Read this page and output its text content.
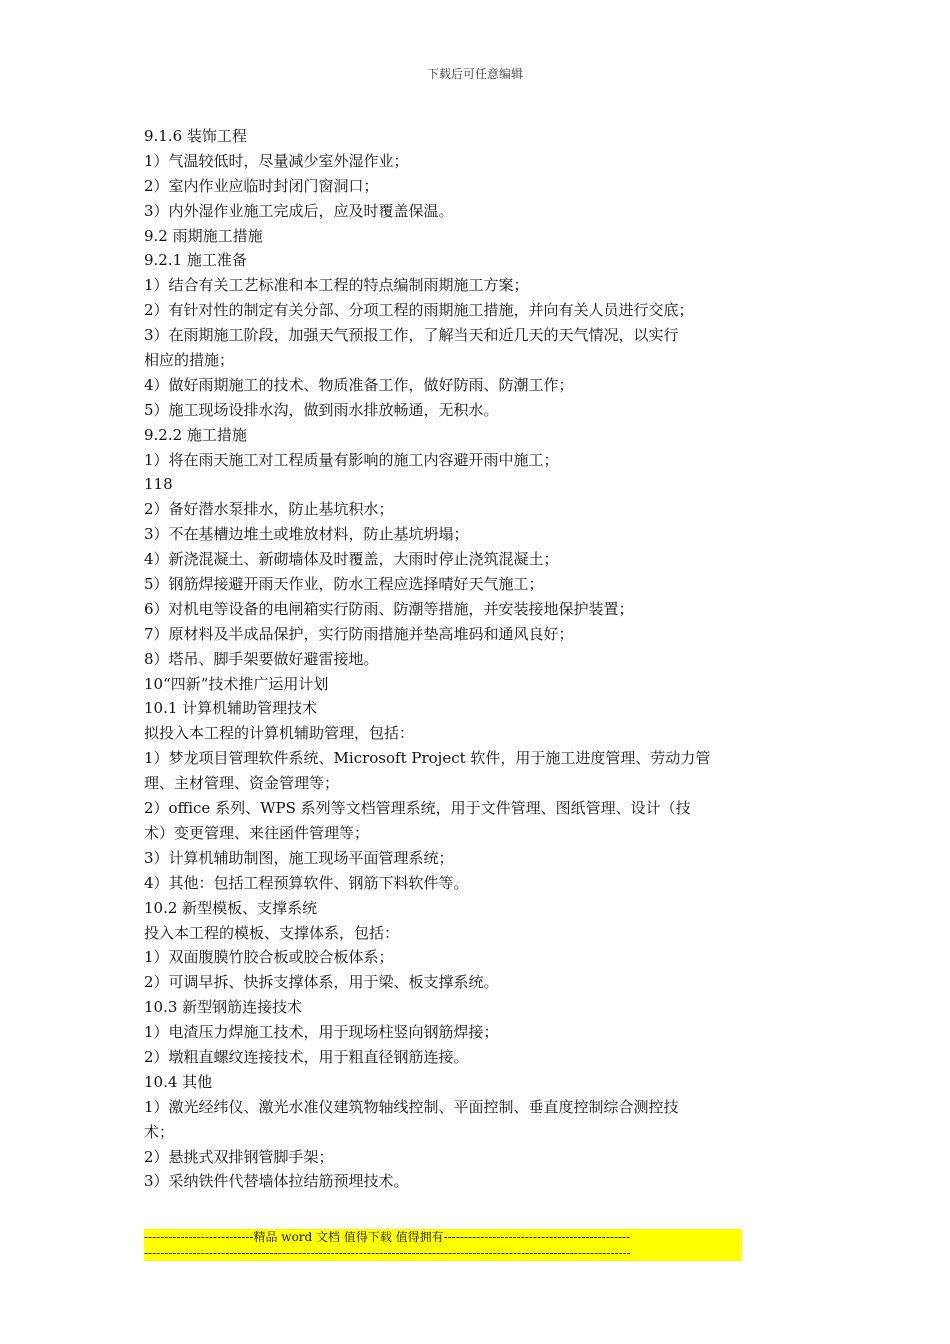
下载后可任意编辑
9.1.6 装饰工程
1）气温较低时，尽量减少室外湿作业；
2）室内作业应临时封闭门窗洞口；
3）内外湿作业施工完成后，应及时覆盖保温。
9.2 雨期施工措施
9.2.1 施工准备
1）结合有关工艺标准和本工程的特点编制雨期施工方案；
2）有针对性的制定有关分部、分项工程的雨期施工措施，并向有关人员进行交底；
3）在雨期施工阶段，加强天气预报工作，了解当天和近几天的天气情况，以实行
相应的措施；
4）做好雨期施工的技术、物质准备工作，做好防雨、防潮工作；
5）施工现场设排水沟，做到雨水排放畅通，无积水。
9.2.2 施工措施
1）将在雨天施工对工程质量有影响的施工内容避开雨中施工；
118
2）备好潜水泵排水，防止基坑积水；
3）不在基槽边堆土或堆放材料，防止基坑坍塌；
4）新浇混凝土、新砌墙体及时覆盖，大雨时停止浇筑混凝土；
5）钢筋焊接避开雨天作业，防水工程应选择晴好天气施工；
6）对机电等设备的电闸箱实行防雨、防潮等措施，并安装接地保护装置；
7）原材料及半成品保护，实行防雨措施并垫高堆码和通风良好；
8）塔吊、脚手架要做好避雷接地。
10“四新”技术推广运用计划
10.1 计算机辅助管理技术
拟投入本工程的计算机辅助管理，包括：
1）梦龙项目管理软件系统、Microsoft Project 软件，用于施工进度管理、劳动力管
理、主材管理、资金管理等；
2）office 系列、WPS 系列等文档管理系统，用于文件管理、图纸管理、设计（技
术）变更管理、来往函件管理等；
3）计算机辅助制图，施工现场平面管理系统；
4）其他：包括工程预算软件、钢筋下料软件等。
10.2 新型模板、支撑系统
投入本工程的模板、支撑体系，包括：
1）双面腹膜竹胶合板或胶合板体系；
2）可调早拆、快拆支撑体系，用于梁、板支撑系统。
10.3 新型钢筋连接技术
1）电渣压力焊施工技术，用于现场柱竖向钢筋焊接；
2）墩粗直螺纹连接技术，用于粗直径钢筋连接。
10.4 其他
1）激光经纬仪、激光水准仪建筑物轴线控制、平面控制、垂直度控制综合测控技
术；
2）悬挑式双排钢管脚手架；
3）采纳铁件代替墙体拉结筋预埋技术。
---------------------------精品 word 文档 值得下载 值得拥有----------------------------------------------
------------------------------------------------------------------------------------------------------------------------
